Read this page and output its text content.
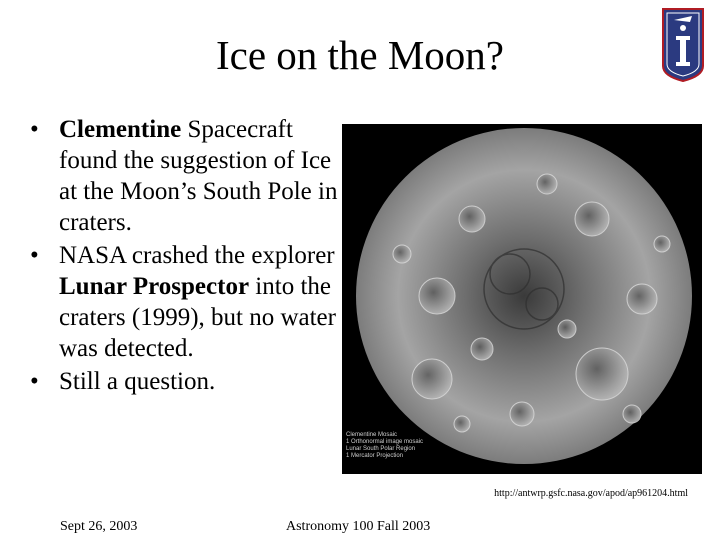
Ice on the Moon?
• Clementine Spacecraft found the suggestion of Ice at the Moon’s South Pole in craters.
• NASA crashed the explorer Lunar Prospector into the craters (1999), but no water was detected.
• Still a question.
Clementine Mosaic
1 Orthonormal image mosaic
Lunar South Polar Region
1 Mercator Projection
http://antwrp.gsfc.nasa.gov/apod/ap961204.html
Sept 26, 2003	Astronomy 100 Fall 2003
